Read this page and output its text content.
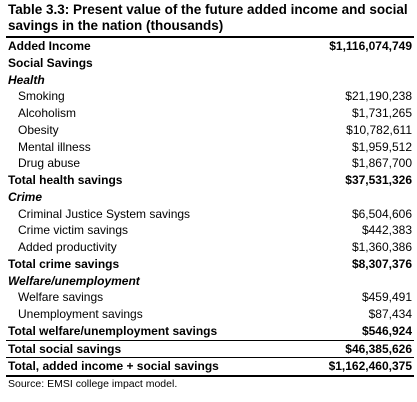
Table 3.3: Present value of the future added income and social savings in the nation (thousands)
Added Income	$1,116,074,749
Social Savings
Health
Smoking	$21,190,238
Alcoholism	$1,731,265
Obesity	$10,782,611
Mental illness	$1,959,512
Drug abuse	$1,867,700
Total health savings	$37,531,326
Crime
Criminal Justice System savings	$6,504,606
Crime victim savings	$442,383
Added productivity	$1,360,386
Total crime savings	$8,307,376
Welfare/unemployment
Welfare savings	$459,491
Unemployment savings	$87,434
Total welfare/unemployment savings	$546,924
Total social savings	$46,385,626
Total, added income + social savings	$1,162,460,375
Source: EMSI college impact model.
